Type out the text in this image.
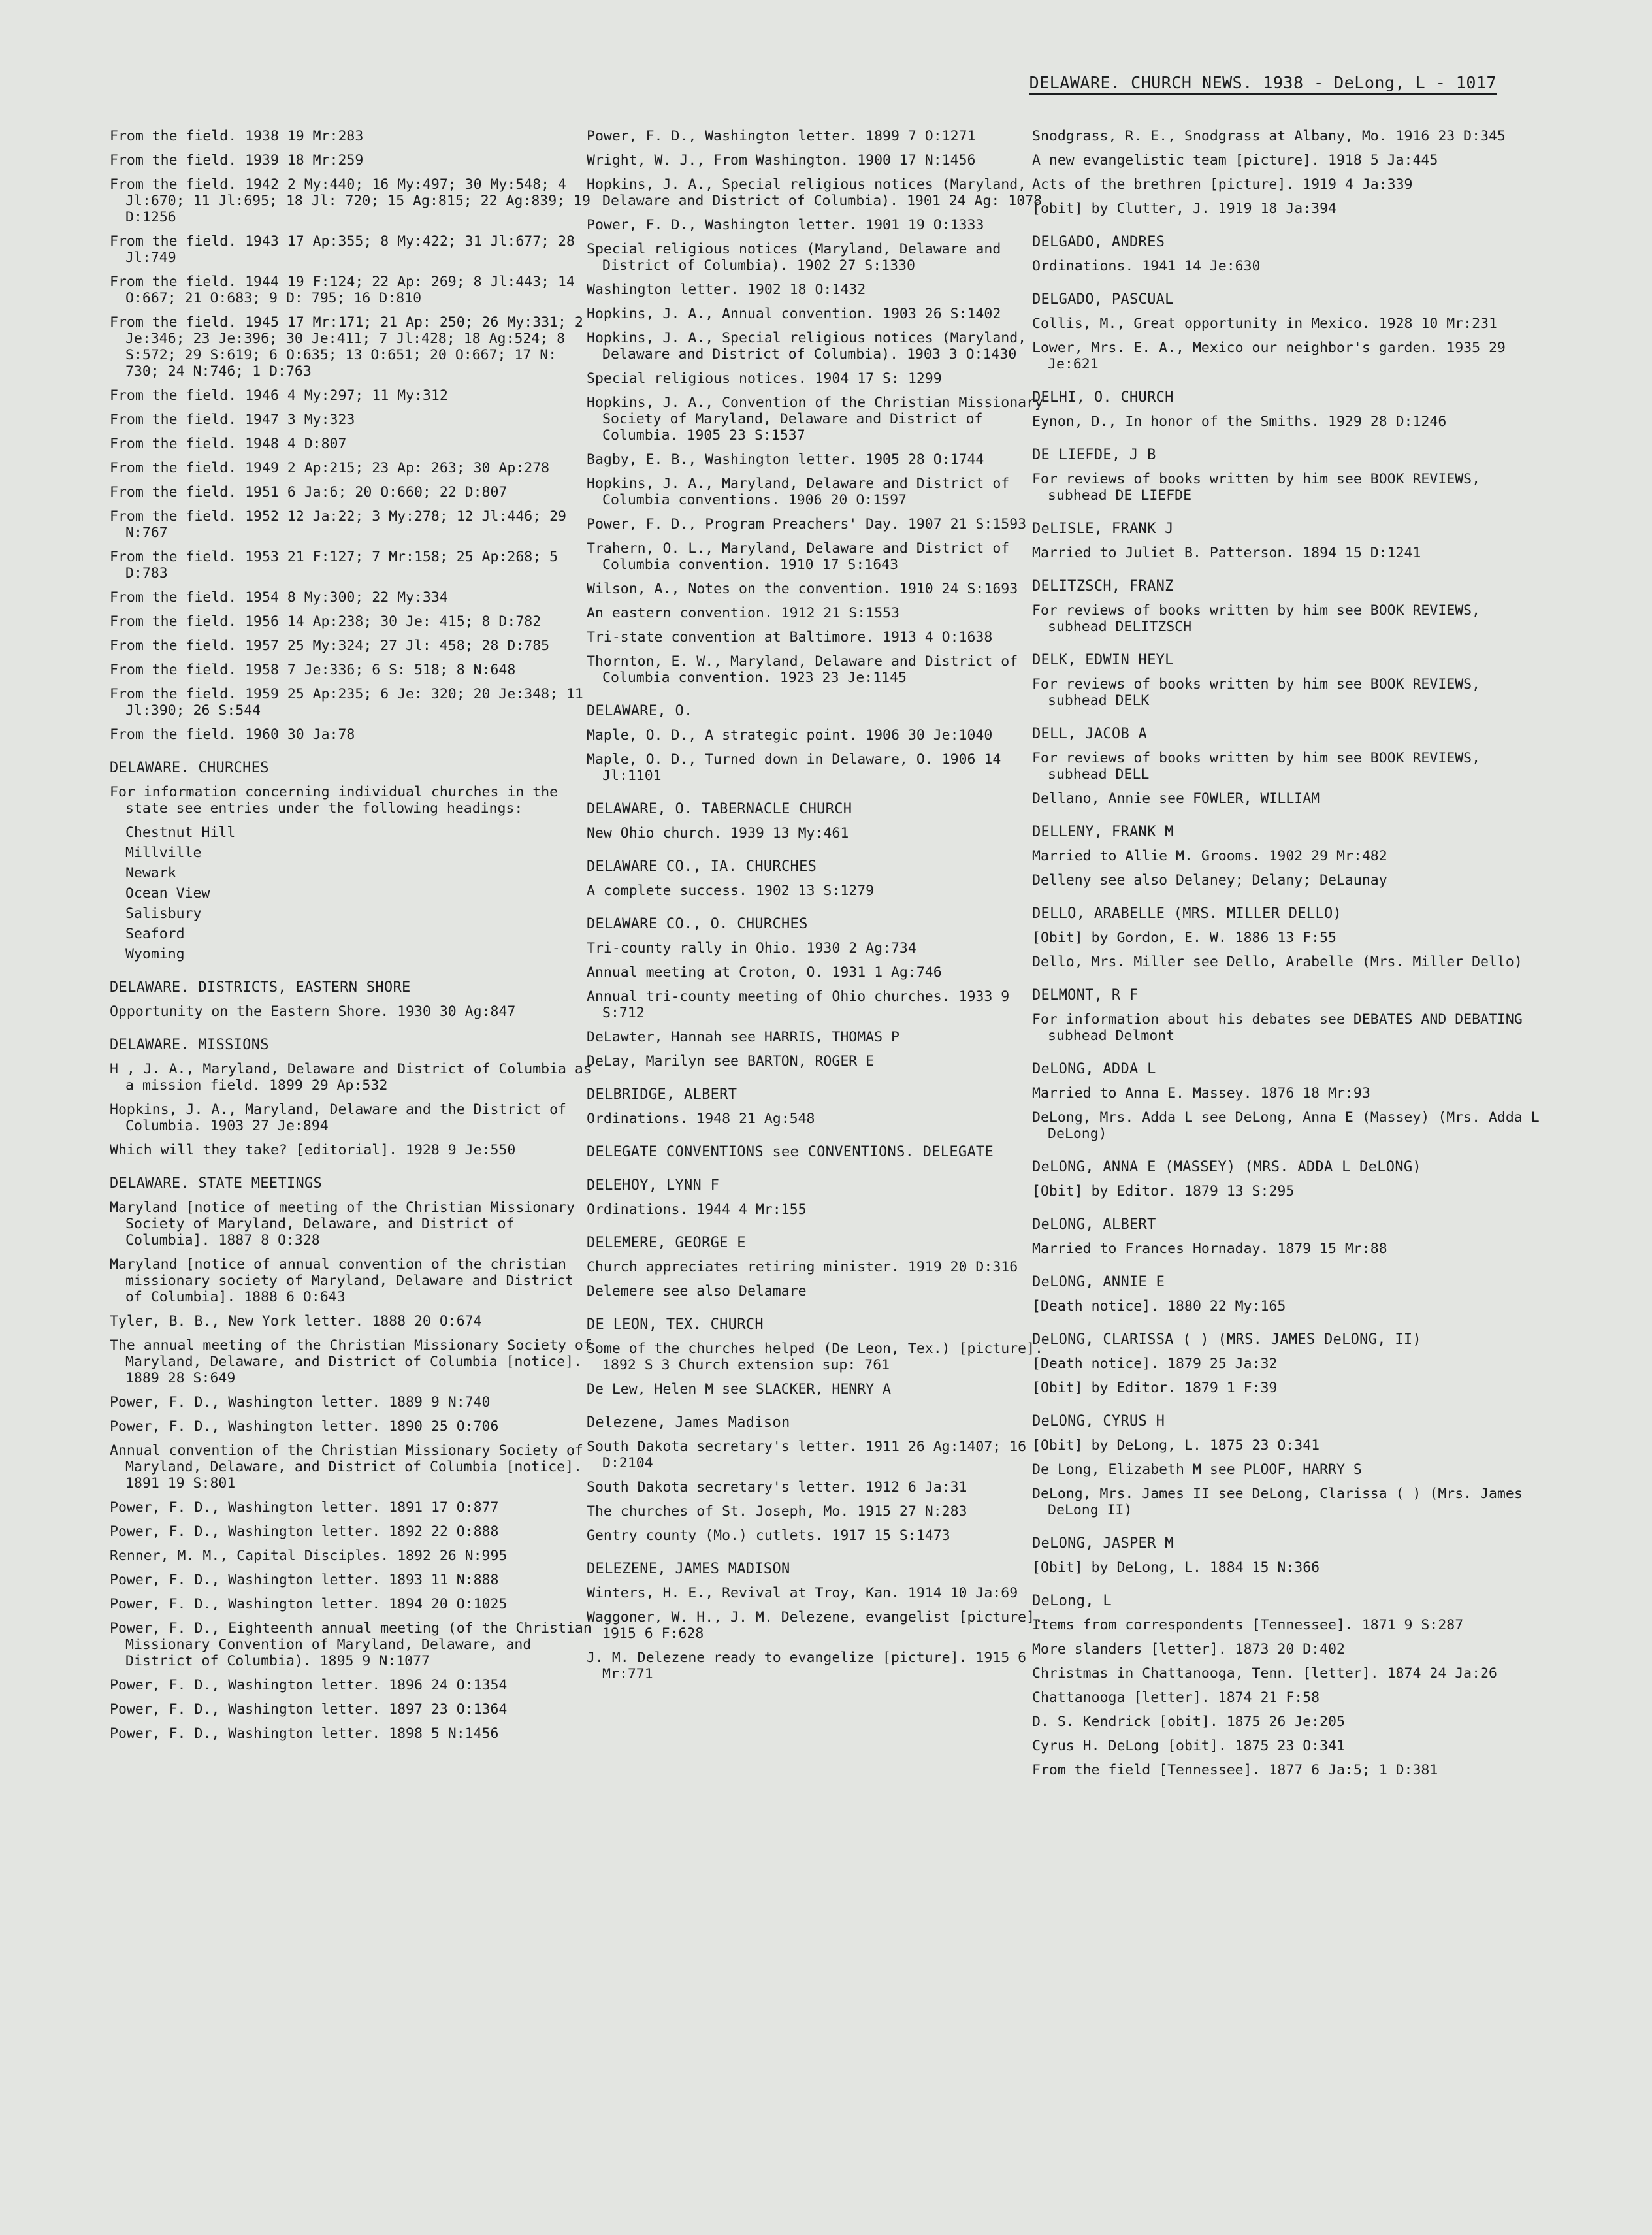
DELAWARE. CHURCH NEWS. 1938 - DeLong, L - 1017
From the field. 1938 19 Mr:283
From the field. 1939 18 Mr:259
From the field. 1942 2 My:440; 16 My:497; 30 My:548; 4 Jl:670; 11 Jl:695; 18 Jl: 720; 15 Ag:815; 22 Ag:839; 19 D:1256
From the field. 1943 17 Ap:355; 8 My:422; 31 Jl:677; 28 Jl:749
From the field. 1944 19 F:124; 22 Ap: 269; 8 Jl:443; 14 O:667; 21 O:683; 9 D: 795; 16 D:810
From the field. 1945 17 Mr:171; 21 Ap: 250; 26 My:331; 2 Je:346; 23 Je:396; 30 Je:411; 7 Jl:428; 18 Ag:524; 8 S:572; 29 S:619; 6 O:635; 13 O:651; 20 O:667; 17 N: 730; 24 N:746; 1 D:763
From the field. 1946 4 My:297; 11 My:312
From the field. 1947 3 My:323
From the field. 1948 4 D:807
From the field. 1949 2 Ap:215; 23 Ap: 263; 30 Ap:278
From the field. 1951 6 Ja:6; 20 O:660; 22 D:807
From the field. 1952 12 Ja:22; 3 My:278; 12 Jl:446; 29 N:767
From the field. 1953 21 F:127; 7 Mr:158; 25 Ap:268; 5 D:783
From the field. 1954 8 My:300; 22 My:334
From the field. 1956 14 Ap:238; 30 Je: 415; 8 D:782
From the field. 1957 25 My:324; 27 Jl: 458; 28 D:785
From the field. 1958 7 Je:336; 6 S: 518; 8 N:648
From the field. 1959 25 Ap:235; 6 Je: 320; 20 Je:348; 11 Jl:390; 26 S:544
From the field. 1960 30 Ja:78
DELAWARE. CHURCHES
For information concerning individual churches in the state see entries under the following headings:
Chestnut Hill
Millville
Newark
Ocean View
Salisbury
Seaford
Wyoming
DELAWARE. DISTRICTS, EASTERN SHORE
Opportunity on the Eastern Shore. 1930 30 Ag:847
DELAWARE. MISSIONS
H , J. A., Maryland, Delaware and District of Columbia as a mission field. 1899 29 Ap:532
Hopkins, J. A., Maryland, Delaware and the District of Columbia. 1903 27 Je:894
Which will they take? [editorial]. 1928 9 Je:550
DELAWARE. STATE MEETINGS
Maryland [notice of meeting of the Christian Missionary Society of Maryland, Delaware, and District of Columbia]. 1887 8 O:328
Maryland [notice of annual convention of the christian missionary society of Maryland, Delaware and District of Columbia]. 1888 6 O:643
Tyler, B. B., New York letter. 1888 20 O:674
The annual meeting of the Christian Missionary Society of Maryland, Delaware, and District of Columbia [notice]. 1889 28 S:649
Power, F. D., Washington letter. 1889 9 N:740
Power, F. D., Washington letter. 1890 25 O:706
Annual convention of the Christian Missionary Society of Maryland, Delaware, and District of Columbia [notice]. 1891 19 S:801
Power, F. D., Washington letter. 1891 17 O:877
Power, F. D., Washington letter. 1892 22 O:888
Renner, M. M., Capital Disciples. 1892 26 N:995
Power, F. D., Washington letter. 1893 11 N:888
Power, F. D., Washington letter. 1894 20 O:1025
Power, F. D., Eighteenth annual meeting (of the Christian Missionary Convention of Maryland, Delaware, and District of Columbia). 1895 9 N:1077
Power, F. D., Washington letter. 1896 24 O:1354
Power, F. D., Washington letter. 1897 23 O:1364
Power, F. D., Washington letter. 1898 5 N:1456
Power, F. D., Washington letter. 1899 7 O:1271
Wright, W. J., From Washington. 1900 17 N:1456
Hopkins, J. A., Special religious notices (Maryland, Delaware and District of Columbia). 1901 24 Ag: 1078
Power, F. D., Washington letter. 1901 19 O:1333
Special religious notices (Maryland, Delaware and District of Columbia). 1902 27 S:1330
Washington letter. 1902 18 O:1432
Hopkins, J. A., Annual convention. 1903 26 S:1402
Hopkins, J. A., Special religious notices (Maryland, Delaware and District of Columbia). 1903 3 O:1430
Special religious notices. 1904 17 S: 1299
Hopkins, J. A., Convention of the Christian Missionary Society of Maryland, Delaware and District of Columbia. 1905 23 S:1537
Bagby, E. B., Washington letter. 1905 28 O:1744
Hopkins, J. A., Maryland, Delaware and District of Columbia conventions. 1906 20 O:1597
Power, F. D., Program Preachers' Day. 1907 21 S:1593
Trahern, O. L., Maryland, Delaware and District of Columbia convention. 1910 17 S:1643
Wilson, A., Notes on the convention. 1910 24 S:1693
An eastern convention. 1912 21 S:1553
Tri-state convention at Baltimore. 1913 4 O:1638
Thornton, E. W., Maryland, Delaware and District of Columbia convention. 1923 23 Je:1145
DELAWARE, O.
Maple, O. D., A strategic point. 1906 30 Je:1040
Maple, O. D., Turned down in Delaware, O. 1906 14 Jl:1101
DELAWARE, O. TABERNACLE CHURCH
New Ohio church. 1939 13 My:461
DELAWARE CO., IA. CHURCHES
A complete success. 1902 13 S:1279
DELAWARE CO., O. CHURCHES
Tri-county rally in Ohio. 1930 2 Ag:734
Annual meeting at Croton, O. 1931 1 Ag:746
Annual tri-county meeting of Ohio churches. 1933 9 S:712
DeLawter, Hannah see HARRIS, THOMAS P
DeLay, Marilyn see BARTON, ROGER E
DELBRIDGE, ALBERT
Ordinations. 1948 21 Ag:548
DELEGATE CONVENTIONS see CONVENTIONS. DELEGATE
DELEHOY, LYNN F
Ordinations. 1944 4 Mr:155
DELEMERE, GEORGE E
Church appreciates retiring minister. 1919 20 D:316
Delemere see also Delamare
DE LEON, TEX. CHURCH
Some of the churches helped (De Leon, Tex.) [picture]. 1892 S 3 Church extension sup: 761
De Lew, Helen M see SLACKER, HENRY A
Delezene, James Madison
South Dakota secretary's letter. 1911 26 Ag:1407; 16 D:2104
South Dakota secretary's letter. 1912 6 Ja:31
The churches of St. Joseph, Mo. 1915 27 N:283
Gentry county (Mo.) cutlets. 1917 15 S:1473
DELEZENE, JAMES MADISON
Winters, H. E., Revival at Troy, Kan. 1914 10 Ja:69
Waggoner, W. H., J. M. Delezene, evangelist [picture]. 1915 6 F:628
J. M. Delezene ready to evangelize [picture]. 1915 6 Mr:771
Snodgrass, R. E., Snodgrass at Albany, Mo. 1916 23 D:345
A new evangelistic team [picture]. 1918 5 Ja:445
Acts of the brethren [picture]. 1919 4 Ja:339
[obit] by Clutter, J. 1919 18 Ja:394
DELGADO, ANDRES
Ordinations. 1941 14 Je:630
DELGADO, PASCUAL
Collis, M., Great opportunity in Mexico. 1928 10 Mr:231
Lower, Mrs. E. A., Mexico our neighbor's garden. 1935 29 Je:621
DELHI, O. CHURCH
Eynon, D., In honor of the Smiths. 1929 28 D:1246
DE LIEFDE, J B
For reviews of books written by him see BOOK REVIEWS, subhead DE LIEFDE
DeLISLE, FRANK J
Married to Juliet B. Patterson. 1894 15 D:1241
DELITZSCH, FRANZ
For reviews of books written by him see BOOK REVIEWS, subhead DELITZSCH
DELK, EDWIN HEYL
For reviews of books written by him see BOOK REVIEWS, subhead DELK
DELL, JACOB A
For reviews of books written by him see BOOK REVIEWS, subhead DELL
Dellano, Annie see FOWLER, WILLIAM
DELLENY, FRANK M
Married to Allie M. Grooms. 1902 29 Mr:482
Delleny see also Delaney; Delany; DeLaunay
DELLO, ARABELLE (MRS. MILLER DELLO)
[Obit] by Gordon, E. W. 1886 13 F:55
Dello, Mrs. Miller see Dello, Arabelle (Mrs. Miller Dello)
DELMONT, R F
For information about his debates see DEBATES AND DEBATING subhead Delmont
DeLONG, ADDA L
Married to Anna E. Massey. 1876 18 Mr:93
DeLong, Mrs. Adda L see DeLong, Anna E (Massey) (Mrs. Adda L DeLong)
DeLONG, ANNA E (MASSEY) (MRS. ADDA L DeLONG)
[Obit] by Editor. 1879 13 S:295
DeLONG, ALBERT
Married to Frances Hornaday. 1879 15 Mr:88
DeLONG, ANNIE E
[Death notice]. 1880 22 My:165
DeLONG, CLARISSA ( ) (MRS. JAMES DeLONG, II)
[Death notice]. 1879 25 Ja:32
[Obit] by Editor. 1879 1 F:39
DeLONG, CYRUS H
[Obit] by DeLong, L. 1875 23 O:341
De Long, Elizabeth M see PLOOF, HARRY S
DeLong, Mrs. James II see DeLong, Clarissa ( ) (Mrs. James DeLong II)
DeLONG, JASPER M
[Obit] by DeLong, L. 1884 15 N:366
DeLong, L
Items from correspondents [Tennessee]. 1871 9 S:287
More slanders [letter]. 1873 20 D:402
Christmas in Chattanooga, Tenn. [letter]. 1874 24 Ja:26
Chattanooga [letter]. 1874 21 F:58
D. S. Kendrick [obit]. 1875 26 Je:205
Cyrus H. DeLong [obit]. 1875 23 O:341
From the field [Tennessee]. 1877 6 Ja:5; 1 D:381
